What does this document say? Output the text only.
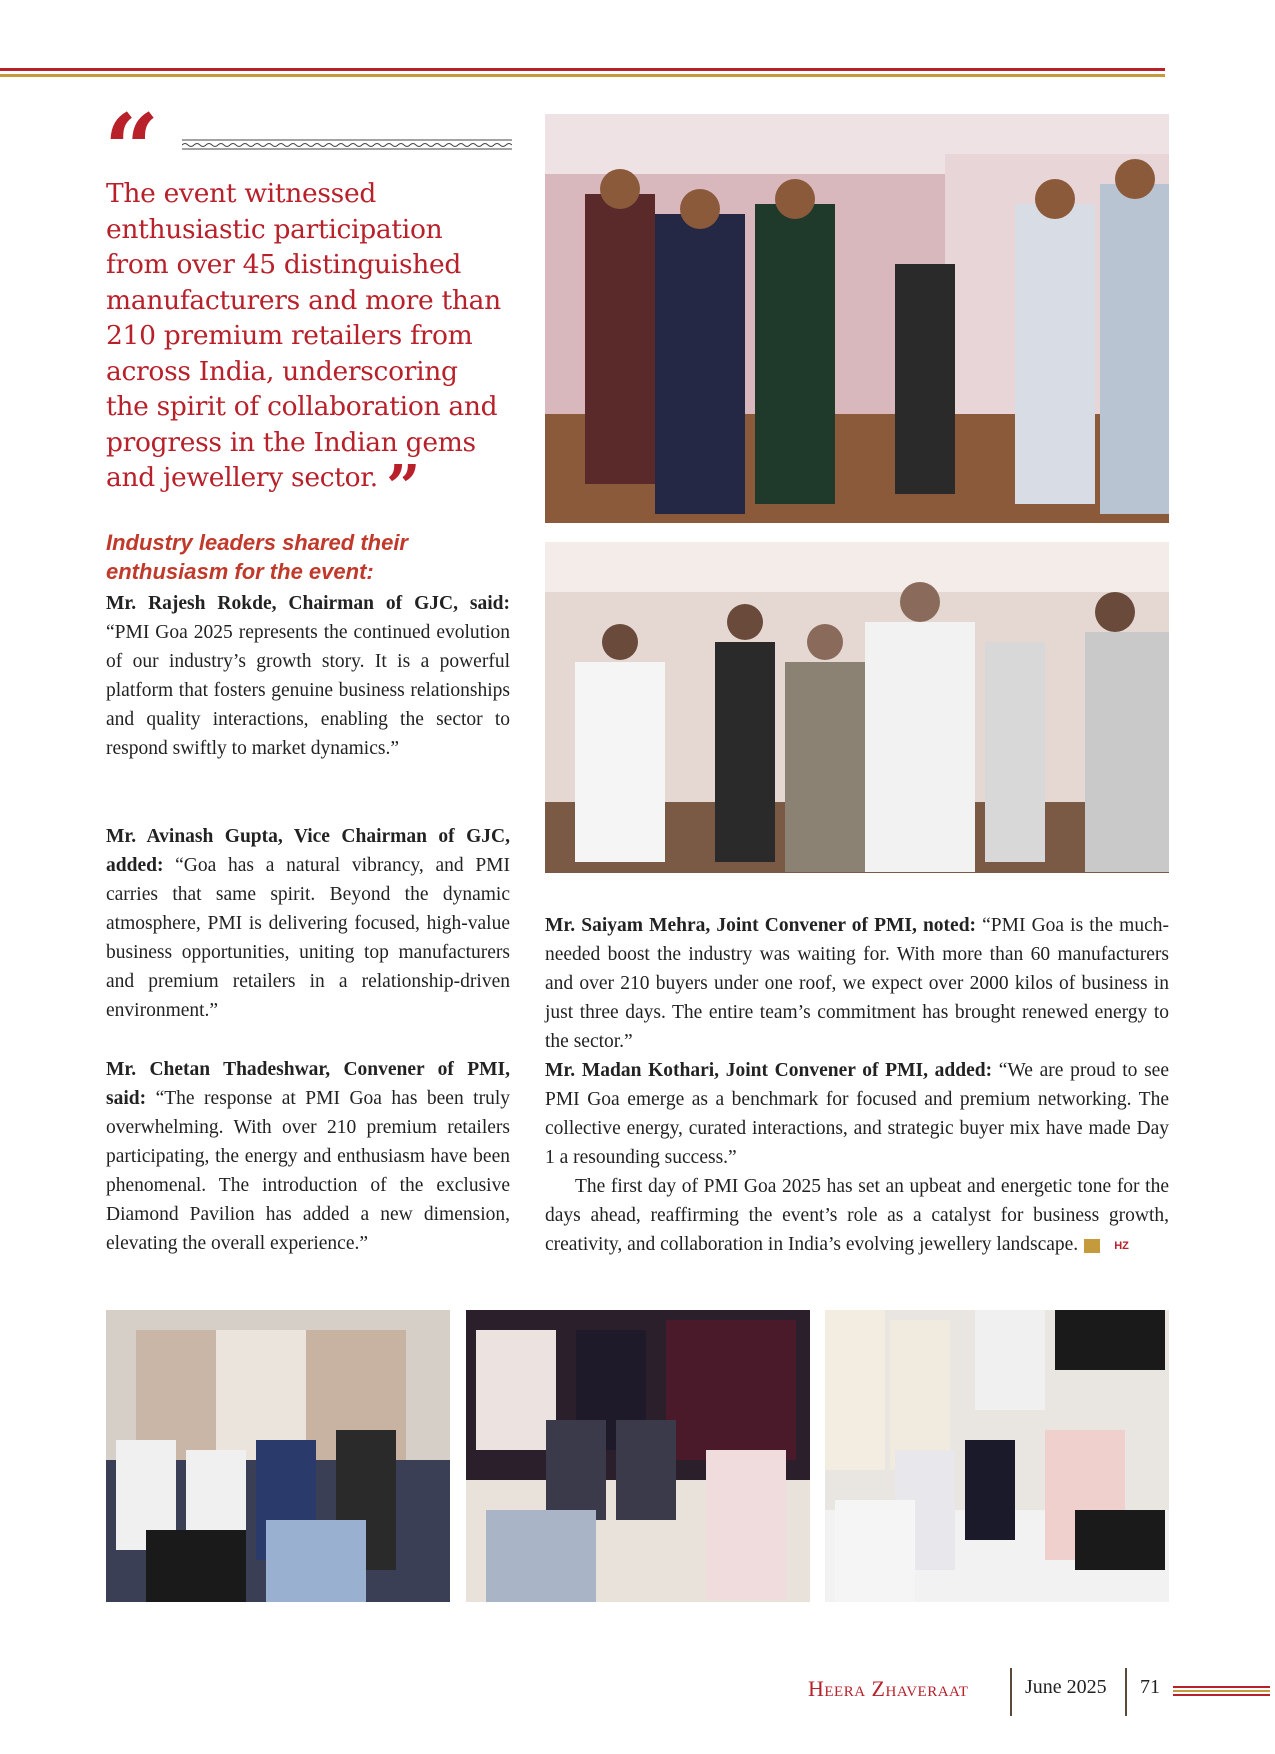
“

The event witnessed enthusiastic participation from over 45 distinguished manufacturers and more than 210 premium retailers from across India, underscoring the spirit of collaboration and progress in the Indian gems and jewellery sector. ”

Industry leaders shared their enthusiasm for the event:

Mr. Rajesh Rokde, Chairman of GJC, said: “PMI Goa 2025 represents the continued evolution of our industry’s growth story. It is a powerful platform that fosters genuine business relationships and quality interactions, enabling the sector to respond swiftly to market dynamics.”

Mr. Avinash Gupta, Vice Chairman of GJC, added: “Goa has a natural vibrancy, and PMI carries that same spirit. Beyond the dynamic atmosphere, PMI is delivering focused, high-value business opportunities, uniting top manufacturers and premium retailers in a relationship-driven environment.”

Mr. Chetan Thadeshwar, Convener of PMI, said: “The response at PMI Goa has been truly overwhelming. With over 210 premium retailers participating, the energy and enthusiasm have been phenomenal. The introduction of the exclusive Diamond Pavilion has added a new dimension, elevating the overall experience.”

Mr. Saiyam Mehra, Joint Convener of PMI, noted: “PMI Goa is the much-needed boost the industry was waiting for. With more than 60 manufacturers and over 210 buyers under one roof, we expect over 2000 kilos of business in just three days. The entire team’s commitment has brought renewed energy to the sector.”

Mr. Madan Kothari, Joint Convener of PMI, added: “We are proud to see PMI Goa emerge as a benchmark for focused and premium networking. The collective energy, curated interactions, and strategic buyer mix have made Day 1 a resounding success.”

The first day of PMI Goa 2025 has set an upbeat and energetic tone for the days ahead, reaffirming the event’s role as a catalyst for business growth, creativity, and collaboration in India’s evolving jewellery landscape.	HZ

Heera Zhaveraat	June 2025 71
